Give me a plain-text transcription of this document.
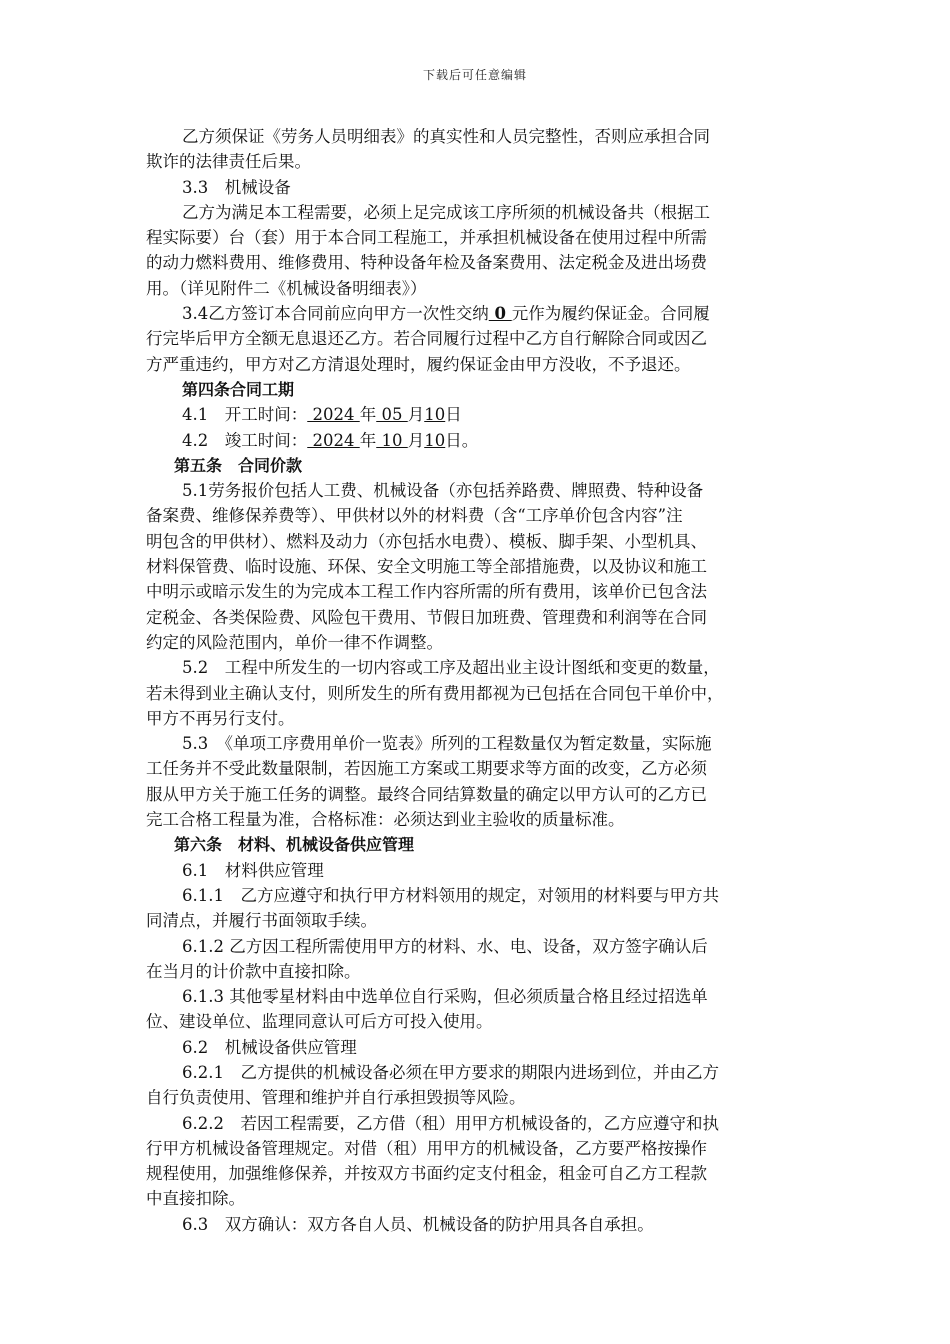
下载后可任意编辑
乙方须保证《劳务人员明细表》的真实性和人员完整性，否则应承担合同
欺诈的法律责任后果。
3.3　机械设备
乙方为满足本工程需要，必须上足完成该工序所须的机械设备共（根据工
程实际要）台（套）用于本合同工程施工，并承担机械设备在使用过程中所需
的动力燃料费用、维修费用、特种设备年检及备案费用、法定税金及进出场费
用。（详见附件二《机械设备明细表》）
3.4乙方签订本合同前应向甲方一次性交纳 0 元作为履约保证金。合同履
行完毕后甲方全额无息退还乙方。若合同履行过程中乙方自行解除合同或因乙
方严重违约，甲方对乙方清退处理时，履约保证金由甲方没收，不予退还。
第四条合同工期
4.1　开工时间： 2024 年 05 月10日
4.2　竣工时间： 2024 年 10 月10日。
第五条　合同价款
5.1劳务报价包括人工费、机械设备（亦包括养路费、牌照费、特种设备
备案费、维修保养费等）、甲供材以外的材料费（含“工序单价包含内容”注
明包含的甲供材）、燃料及动力（亦包括水电费）、模板、脚手架、小型机具、
材料保管费、临时设施、环保、安全文明施工等全部措施费，以及协议和施工
中明示或暗示发生的为完成本工程工作内容所需的所有费用，该单价已包含法
定税金、各类保险费、风险包干费用、节假日加班费、管理费和利润等在合同
约定的风险范围内，单价一律不作调整。
5.2　工程中所发生的一切内容或工序及超出业主设计图纸和变更的数量，
若未得到业主确认支付，则所发生的所有费用都视为已包括在合同包干单价中，
甲方不再另行支付。
5.3　《单项工序费用单价一览表》所列的工程数量仅为暂定数量，实际施
工任务并不受此数量限制，若因施工方案或工期要求等方面的改变，乙方必须
服从甲方关于施工任务的调整。最终合同结算数量的确定以甲方认可的乙方已
完工合格工程量为准，合格标准：必须达到业主验收的质量标准。
第六条　材料、机械设备供应管理
6.1　材料供应管理
6.1.1　乙方应遵守和执行甲方材料领用的规定，对领用的材料要与甲方共
同清点，并履行书面领取手续。
6.1.2 乙方因工程所需使用甲方的材料、水、电、设备，双方签字确认后
在当月的计价款中直接扣除。
6.1.3 其他零星材料由中选单位自行采购，但必须质量合格且经过招选单
位、建设单位、监理同意认可后方可投入使用。
6.2　机械设备供应管理
6.2.1　乙方提供的机械设备必须在甲方要求的期限内进场到位，并由乙方
自行负责使用、管理和维护并自行承担毁损等风险。
6.2.2　若因工程需要，乙方借（租）用甲方机械设备的，乙方应遵守和执
行甲方机械设备管理规定。对借（租）用甲方的机械设备，乙方要严格按操作
规程使用，加强维修保养，并按双方书面约定支付租金，租金可自乙方工程款
中直接扣除。
6.3　双方确认：双方各自人员、机械设备的防护用具各自承担。
